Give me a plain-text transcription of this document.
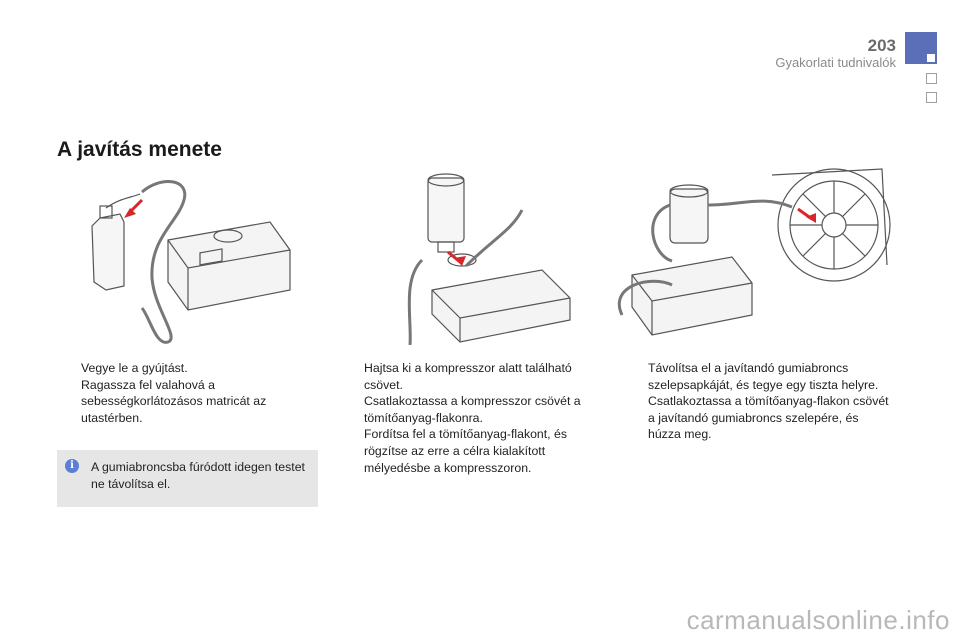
203
Gyakorlati tudnivalók
A javítás menete
Vegye le a gyújtást.
Ragassza fel valahová a sebességkorlátozásos matricát az utastérben.
i	A gumiabroncsba fúródott idegen testet ne távolítsa el.
Hajtsa ki a kompresszor alatt található csövet.
Csatlakoztassa a kompresszor csövét a tömítőanyag-flakonra.
Fordítsa fel a tömítőanyag-flakont, és rögzítse az erre a célra kialakított mélyedésbe a kompresszoron.
Távolítsa el a javítandó gumiabroncs szelepsapkáját, és tegye egy tiszta helyre.
Csatlakoztassa a tömítőanyag-flakon csövét a javítandó gumiabroncs szelepére, és húzza meg.
carmanualsonline.info
